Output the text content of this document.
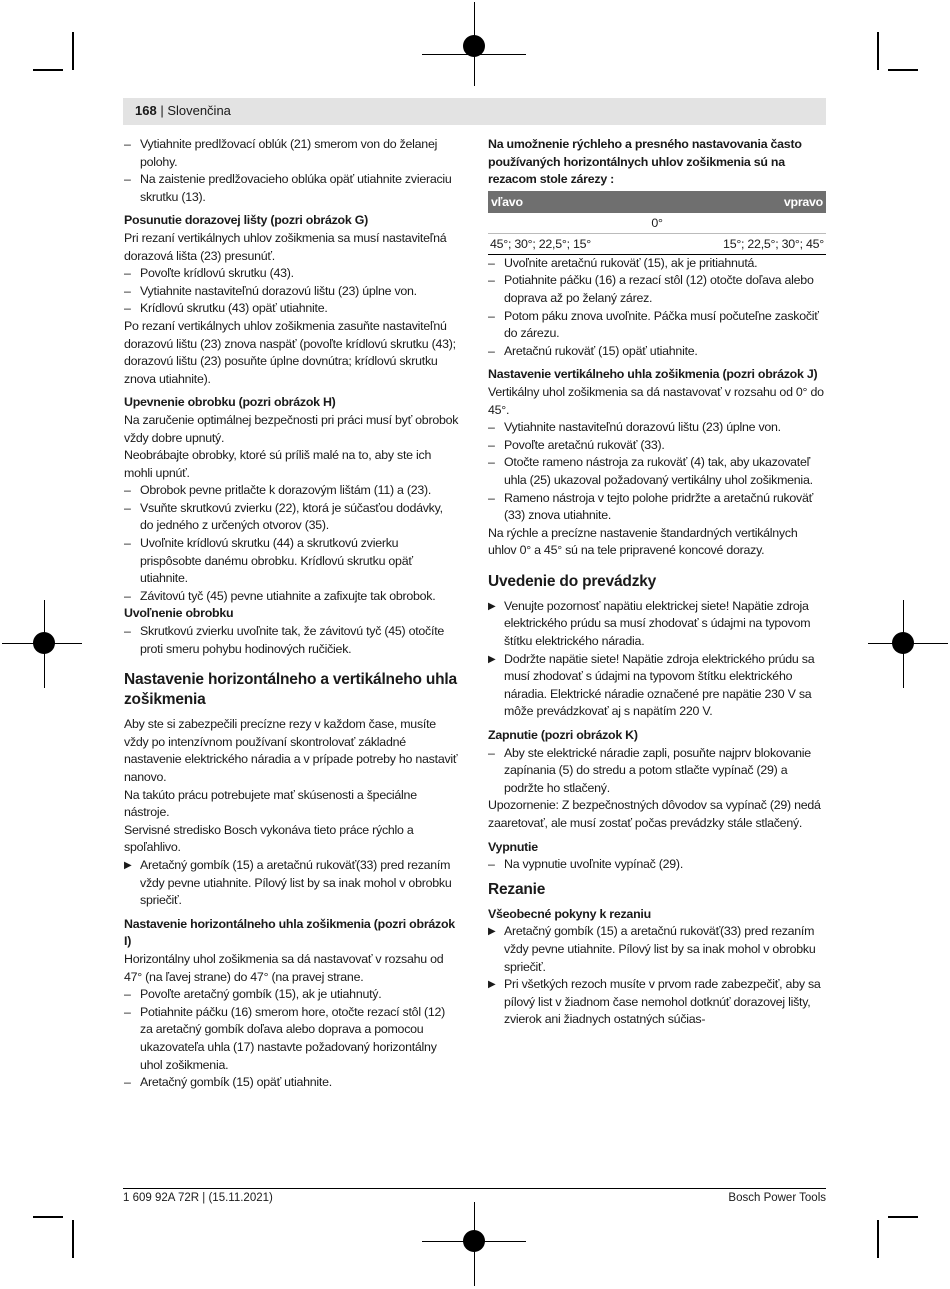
168 | Slovenčina
– Vytiahnite predlžovací oblúk (21) smerom von do želanej polohy.
– Na zaistenie predlžovacieho oblúka opäť utiahnite zvieraciu skrutku (13).
Posunutie dorazovej lišty (pozri obrázok G)

Pri rezaní vertikálnych uhlov zošikmenia sa musí nastaviteľná dorazová lišta (23) presunúť.

– Povoľte krídlovú skrutku (43).
– Vytiahnite nastaviteľnú dorazovú lištu (23) úplne von.
– Krídlovú skrutku (43) opäť utiahnite.

Po rezaní vertikálnych uhlov zošikmenia zasuňte nastaviteľnú dorazovú lištu (23) znova naspäť (povoľte krídlovú skrutku (43); dorazovú lištu (23) posuňte úplne dovnútra; krídlovú skrutku znova utiahnite).

Upevnenie obrobku (pozri obrázok H)

Na zaručenie optimálnej bezpečnosti pri práci musí byť obrobok vždy dobre upnutý.

Neobrábajte obrobky, ktoré sú príliš malé na to, aby ste ich mohli upnúť.

– Obrobok pevne pritlačte k dorazovým lištám (11) a (23).
– Vsuňte skrutkovú zvierku (22), ktorá je súčasťou dodávky, do jedného z určených otvorov (35).
– Uvoľnite krídlovú skrutku (44) a skrutkovú zvierku prispôsobte danému obrobku. Krídlovú skrutku opäť utiahnite.
– Závitovú tyč (45) pevne utiahnite a zafixujte tak obrobok.
Uvoľnenie obrobku
– Skrutkovú zvierku uvoľnite tak, že závitovú tyč (45) otočíte proti smeru pohybu hodinových ručičiek.
Nastavenie horizontálneho a vertikálneho uhla zošikmenia

Aby ste si zabezpečili precízne rezy v každom čase, musíte vždy po intenzívnom používaní skontrolovať základné nastavenie elektrického náradia a v prípade potreby ho nastaviť nanovo.

Na takúto prácu potrebujete mať skúsenosti a špeciálne nástroje.

Servisné stredisko Bosch vykonáva tieto práce rýchlo a spoľahlivo.

▶ Aretačný gombík (15) a aretačnú rukoväť(33) pred rezaním vždy pevne utiahnite. Pílový list by sa inak mohol v obrobku spriečiť.
Nastavenie horizontálneho uhla zošikmenia (pozri obrázok I)

Horizontálny uhol zošikmenia sa dá nastavovať v rozsahu od 47° (na ľavej strane) do 47° (na pravej strane.

– Povoľte aretačný gombík (15), ak je utiahnutý.
– Potiahnite páčku (16) smerom hore, otočte rezací stôl (12) za aretačný gombík doľava alebo doprava a pomocou ukazovateľa uhla (17) nastavte požadovaný horizontálny uhol zošikmenia.
– Aretačný gombík (15) opäť utiahnite.

Na umožnenie rýchleho a presného nastavovania často používaných horizontálnych uhlov zošikmenia sú na rezacom stole zárezy :

vľavo	vpravo
0°
45°; 30°; 22,5°; 15°	15°; 22,5°; 30°; 45°
– Uvoľnite aretačnú rukoväť (15), ak je pritiahnutá.
– Potiahnite páčku (16) a rezací stôl (12) otočte doľava alebo doprava až po želaný zárez.
– Potom páku znova uvoľnite. Páčka musí počuteľne zaskočiť do zárezu.
– Aretačnú rukoväť (15) opäť utiahnite.
Nastavenie vertikálneho uhla zošikmenia (pozri obrázok J)

Vertikálny uhol zošikmenia sa dá nastavovať v rozsahu od 0° do 45°.

– Vytiahnite nastaviteľnú dorazovú lištu (23) úplne von.
– Povoľte aretačnú rukoväť (33).
– Otočte rameno nástroja za rukoväť (4) tak, aby ukazovateľ uhla (25) ukazoval požadovaný vertikálny uhol zošikmenia.
– Rameno nástroja v tejto polohe pridržte a aretačnú rukoväť (33) znova utiahnite.

Na rýchle a precízne nastavenie štandardných vertikálnych uhlov 0° a 45° sú na tele pripravené koncové dorazy.

Uvedenie do prevádzky
▶ Venujte pozornosť napätiu elektrickej siete! Napätie zdroja elektrického prúdu sa musí zhodovať s údajmi na typovom štítku elektrického náradia.
▶ Dodržte napätie siete! Napätie zdroja elektrického prúdu sa musí zhodovať s údajmi na typovom štítku elektrického náradia. Elektrické náradie označené pre napätie 230 V sa môže prevádzkovať aj s napätím 220 V.
Zapnutie (pozri obrázok K)
– Aby ste elektrické náradie zapli, posuňte najprv blokovanie zapínania (5) do stredu a potom stlačte vypínač (29) a podržte ho stlačený.

Upozornenie: Z bezpečnostných dôvodov sa vypínač (29) nedá zaaretovať, ale musí zostať počas prevádzky stále stlačený.

Vypnutie
– Na vypnutie uvoľnite vypínač (29).
Rezanie
Všeobecné pokyny k rezaniu
▶ Aretačný gombík (15) a aretačnú rukoväť(33) pred rezaním vždy pevne utiahnite. Pílový list by sa inak mohol v obrobku spriečiť.
▶ Pri všetkých rezoch musíte v prvom rade zabezpečiť, aby sa pílový list v žiadnom čase nemohol dotknúť dorazovej lišty, zvierok ani žiadnych ostatných súčias-
1 609 92A 72R | (15.11.2021)	Bosch Power Tools
